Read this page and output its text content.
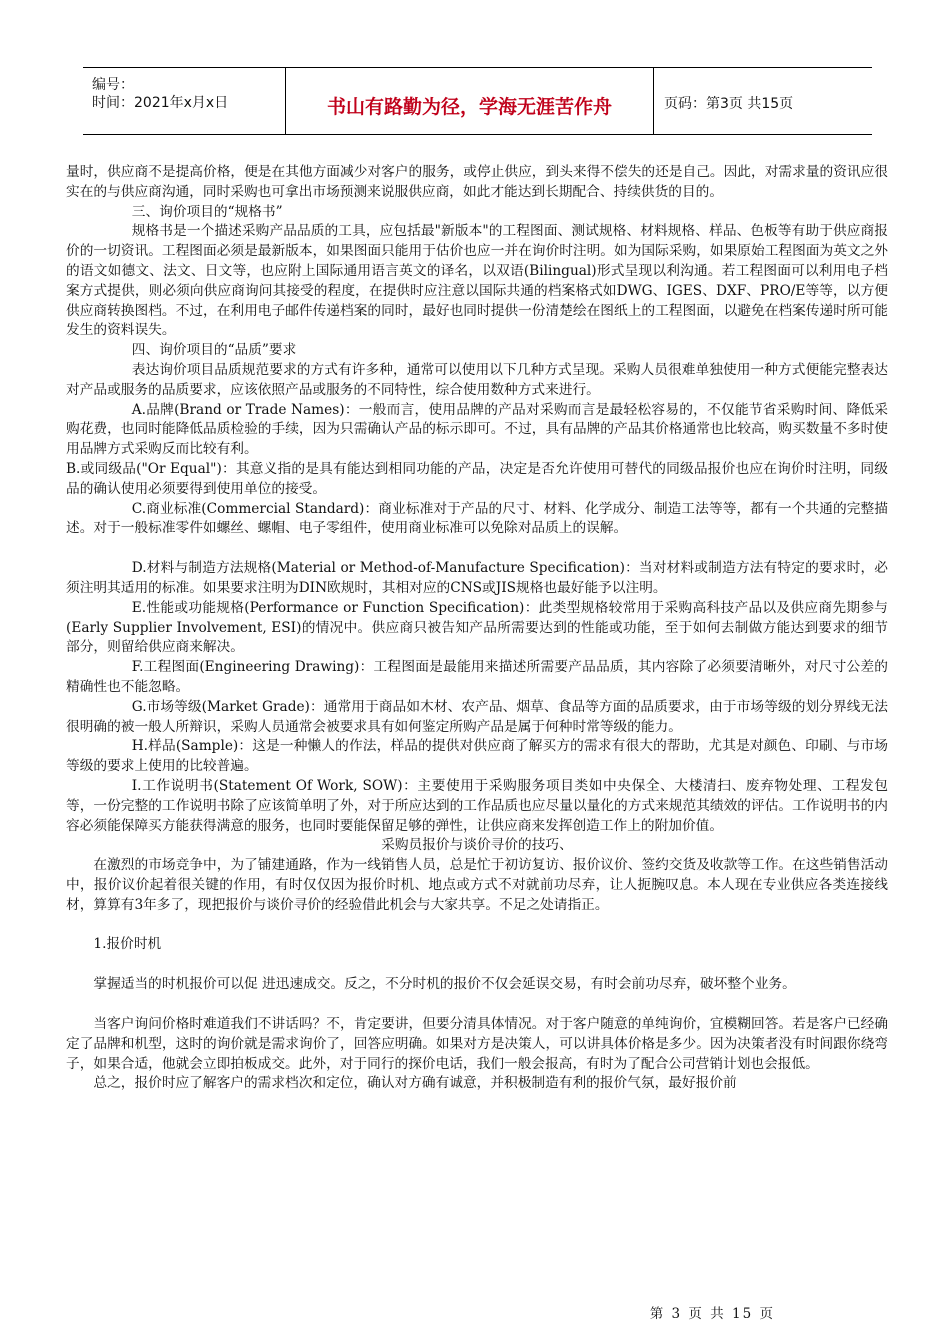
编号：
时间：2021年x月x日	书山有路勤为径，学海无涯苦作舟	页码：第3页 共15页

量时，供应商不是提高价格，便是在其他方面减少对客户的服务，或停止供应，到头来得不偿失的还是自己。因此，对需求量的资讯应很实在的与供应商沟通，同时采购也可拿出市场预测来说服供应商，如此才能达到长期配合、持续供货的目的。

三、询价项目的“规格书”

规格书是一个描述采购产品品质的工具，应包括最"新版本"的工程图面、测试规格、材料规格、样品、色板等有助于供应商报价的一切资讯。工程图面必须是最新版本，如果图面只能用于估价也应一并在询价时注明。如为国际采购，如果原始工程图面为英文之外的语文如德文、法文、日文等，也应附上国际通用语言英文的译名，以双语(Bilingual)形式呈现以利沟通。若工程图面可以利用电子档案方式提供，则必须向供应商询问其接受的程度，在提供时应注意以国际共通的档案格式如DWG、IGES、DXF、PRO/E等等，以方便供应商转换图档。不过，在利用电子邮件传递档案的同时，最好也同时提供一份清楚绘在图纸上的工程图面，以避免在档案传递时所可能发生的资料误失。

四、询价项目的“品质”要求

表达询价项目品质规范要求的方式有许多种，通常可以使用以下几种方式呈现。采购人员很难单独使用一种方式便能完整表达对产品或服务的品质要求，应该依照产品或服务的不同特性，综合使用数种方式来进行。

A.品牌(Brand or Trade Names)：一般而言，使用品牌的产品对采购而言是最轻松容易的，不仅能节省采购时间、降低采购花费，也同时能降低品质检验的手续，因为只需确认产品的标示即可。不过，具有品牌的产品其价格通常也比较高，购买数量不多时使用品牌方式采购反而比较有利。

B.或同级品("Or Equal")：其意义指的是具有能达到相同功能的产品，决定是否允许使用可替代的同级品报价也应在询价时注明，同级品的确认使用必须要得到使用单位的接受。

C.商业标准(Commercial Standard)：商业标准对于产品的尺寸、材料、化学成分、制造工法等等，都有一个共通的完整描述。对于一般标准零件如螺丝、螺帽、电子零组件，使用商业标准可以免除对品质上的误解。

D.材料与制造方法规格(Material or Method-of-Manufacture Specification)：当对材料或制造方法有特定的要求时，必须注明其适用的标准。如果要求注明为DIN欧规时，其相对应的CNS或JIS规格也最好能予以注明。

E.性能或功能规格(Performance or Function Specification)：此类型规格较常用于采购高科技产品以及供应商先期参与(Early Supplier Involvement, ESI)的情况中。供应商只被告知产品所需要达到的性能或功能，至于如何去制做方能达到要求的细节部分，则留给供应商来解决。

F.工程图面(Engineering Drawing)：工程图面是最能用来描述所需要产品品质，其内容除了必须要清晰外，对尺寸公差的精确性也不能忽略。

G.市场等级(Market Grade)：通常用于商品如木材、农产品、烟草、食品等方面的品质要求，由于市场等级的划分界线无法很明确的被一般人所辩识，采购人员通常会被要求具有如何鉴定所购产品是属于何种时常等级的能力。

H.样品(Sample)：这是一种懒人的作法，样品的提供对供应商了解买方的需求有很大的帮助，尤其是对颜色、印刷、与市场等级的要求上使用的比较普遍。

I.工作说明书(Statement Of Work, SOW)：主要使用于采购服务项目类如中央保全、大楼清扫、废弃物处理、工程发包等，一份完整的工作说明书除了应该简单明了外，对于所应达到的工作品质也应尽量以量化的方式来规范其绩效的评估。工作说明书的内容必须能保障买方能获得满意的服务，也同时要能保留足够的弹性，让供应商来发挥创造工作上的附加价值。

采购员报价与谈价寻价的技巧、

在激烈的市场竞争中，为了铺建通路，作为一线销售人员，总是忙于初访复访、报价议价、签约交货及收款等工作。在这些销售活动中，报价议价起着很关键的作用，有时仅仅因为报价时机、地点或方式不对就前功尽弃，让人扼腕叹息。本人现在专业供应各类连接线材，算算有3年多了，现把报价与谈价寻价的经验借此机会与大家共享。不足之处请指正。

1.报价时机

掌握适当的时机报价可以促 进迅速成交。反之，不分时机的报价不仅会延误交易，有时会前功尽弃，破坏整个业务。

当客户询问价格时难道我们不讲话吗？不，肯定要讲，但要分清具体情况。对于客户随意的单纯询价，宜模糊回答。若是客户已经确定了品牌和机型，这时的询价就是需求询价了，回答应明确。如果对方是决策人，可以讲具体价格是多少。因为决策者没有时间跟你绕弯子，如果合适，他就会立即拍板成交。此外，对于同行的探价电话，我们一般会报高，有时为了配合公司营销计划也会报低。

总之，报价时应了解客户的需求档次和定位，确认对方确有诚意，并积极制造有利的报价气氛，最好报价前

第 3 页 共 15 页
